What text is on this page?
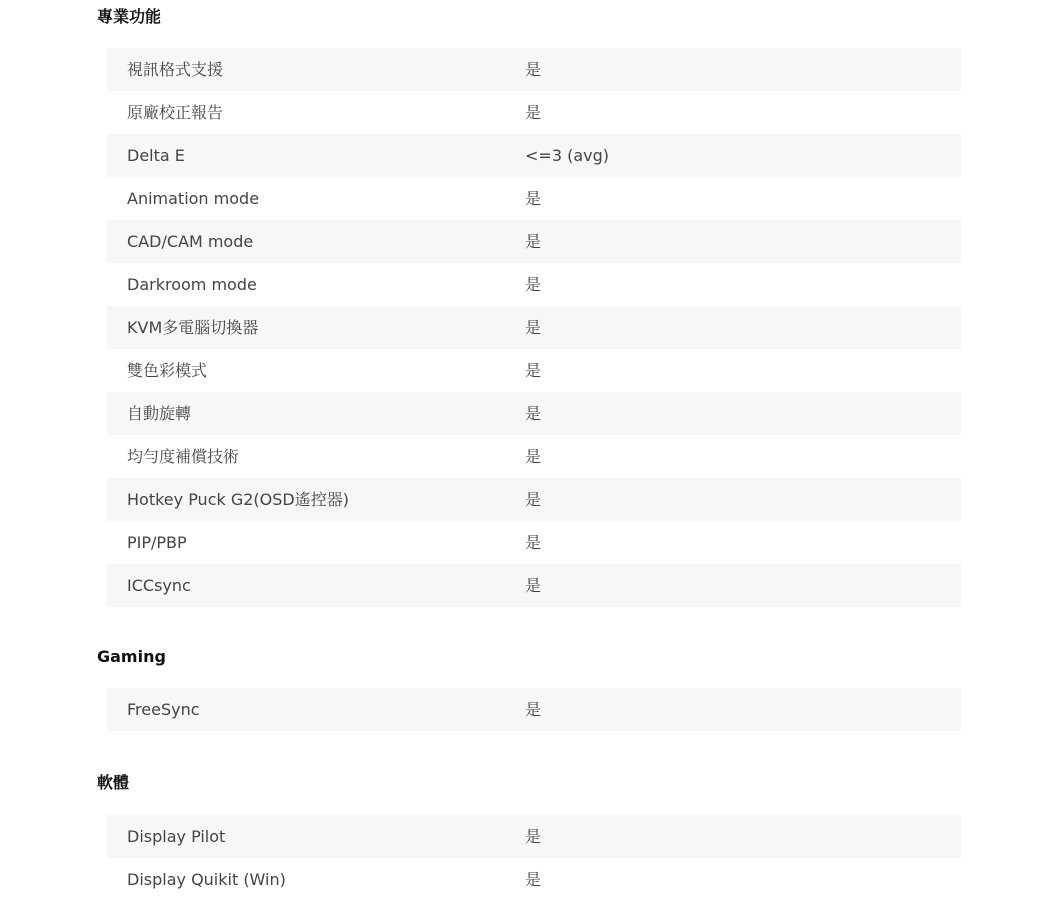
專業功能
視訊格式支援	是
原廠校正報告	是
Delta E	<=3 (avg)
Animation mode	是
CAD/CAM mode	是
Darkroom mode	是
KVM多電腦切換器	是
雙色彩模式	是
自動旋轉	是
均勻度補償技術	是
Hotkey Puck G2(OSD遙控器)	是
PIP/PBP	是
ICCsync	是
Gaming
FreeSync	是
軟體
Display Pilot	是
Display Quikit (Win)	是
